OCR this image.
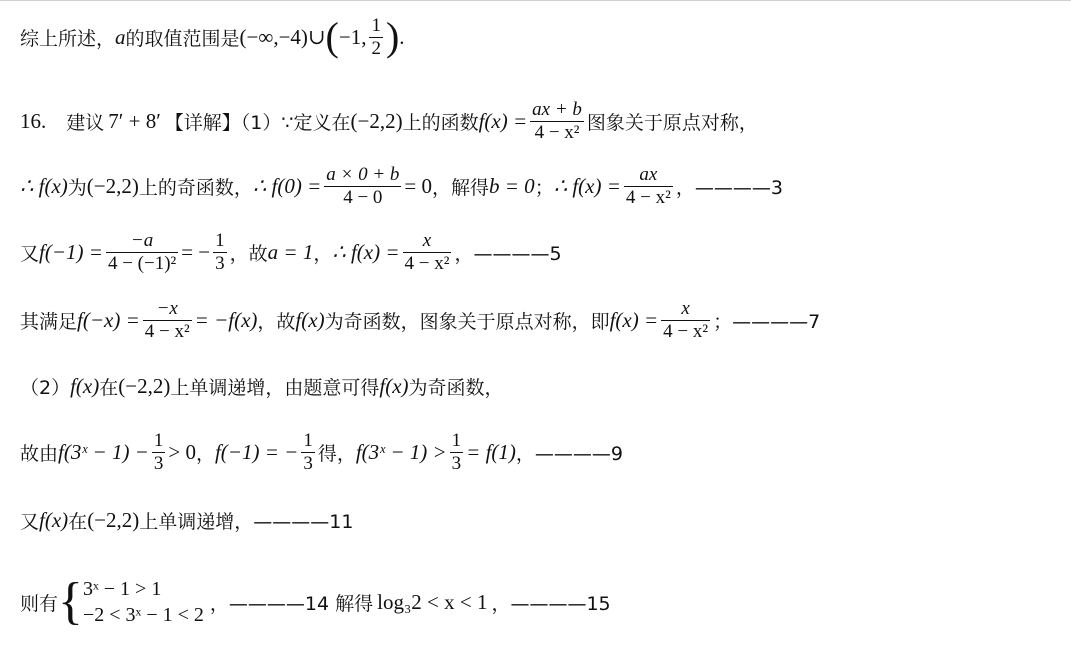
综上所述， a 的取值范围是 (−∞,−4)∪ ( −1, $\frac{1}{2}$ ) .
16. 建议 7′ + 8′ 【详解】（1）∵定义在 (−2,2) 上的函数 $f(x) = \frac{ax + b}{\text{4 − x²}}$ 图象关于原点对称，
∴ f(x) 为 (−2,2) 上的奇函数， ∴ $f(0) = \frac{a \times 0 + b}{4 - 0} = 0$ ，解得 b = 0 ； ∴ $f(x) = \frac{ax}{\text{4 − x²}}$ ，————3
又 $f(-1) = \frac{-a}{\text{4 − (−1)²}}$ = − $\frac{1}{3}$ ，故 a = 1 ， ∴ $f(x) = \frac{x}{\text{4 − x²}}$ ，————5
其满足 $f(-x) = \frac{-x}{\text{4 − x²}} = -f(x)$ ，故 f(x) 为奇函数，图象关于原点对称，即 $f(x) = \frac{x}{\text{4 − x²}}$ ；————7
（2） f(x) 在 (−2,2) 上单调递增，由题意可得 f(x) 为奇函数，
故由 f(3ˣ − $1) - \frac{1}{3} > 0$ ， f(−1) = − $\frac{1}{3}$ 得， f(3ˣ − $1) > \frac{1}{3} = f(1)$ ，————9
又 f(x) 在 (−2,2) 上单调递增，————11
则有 { 3ˣ − 1 > 1
−2 < 3ˣ − 1 < 2
，————14 解得 log₃2 < x < 1 ，————15
